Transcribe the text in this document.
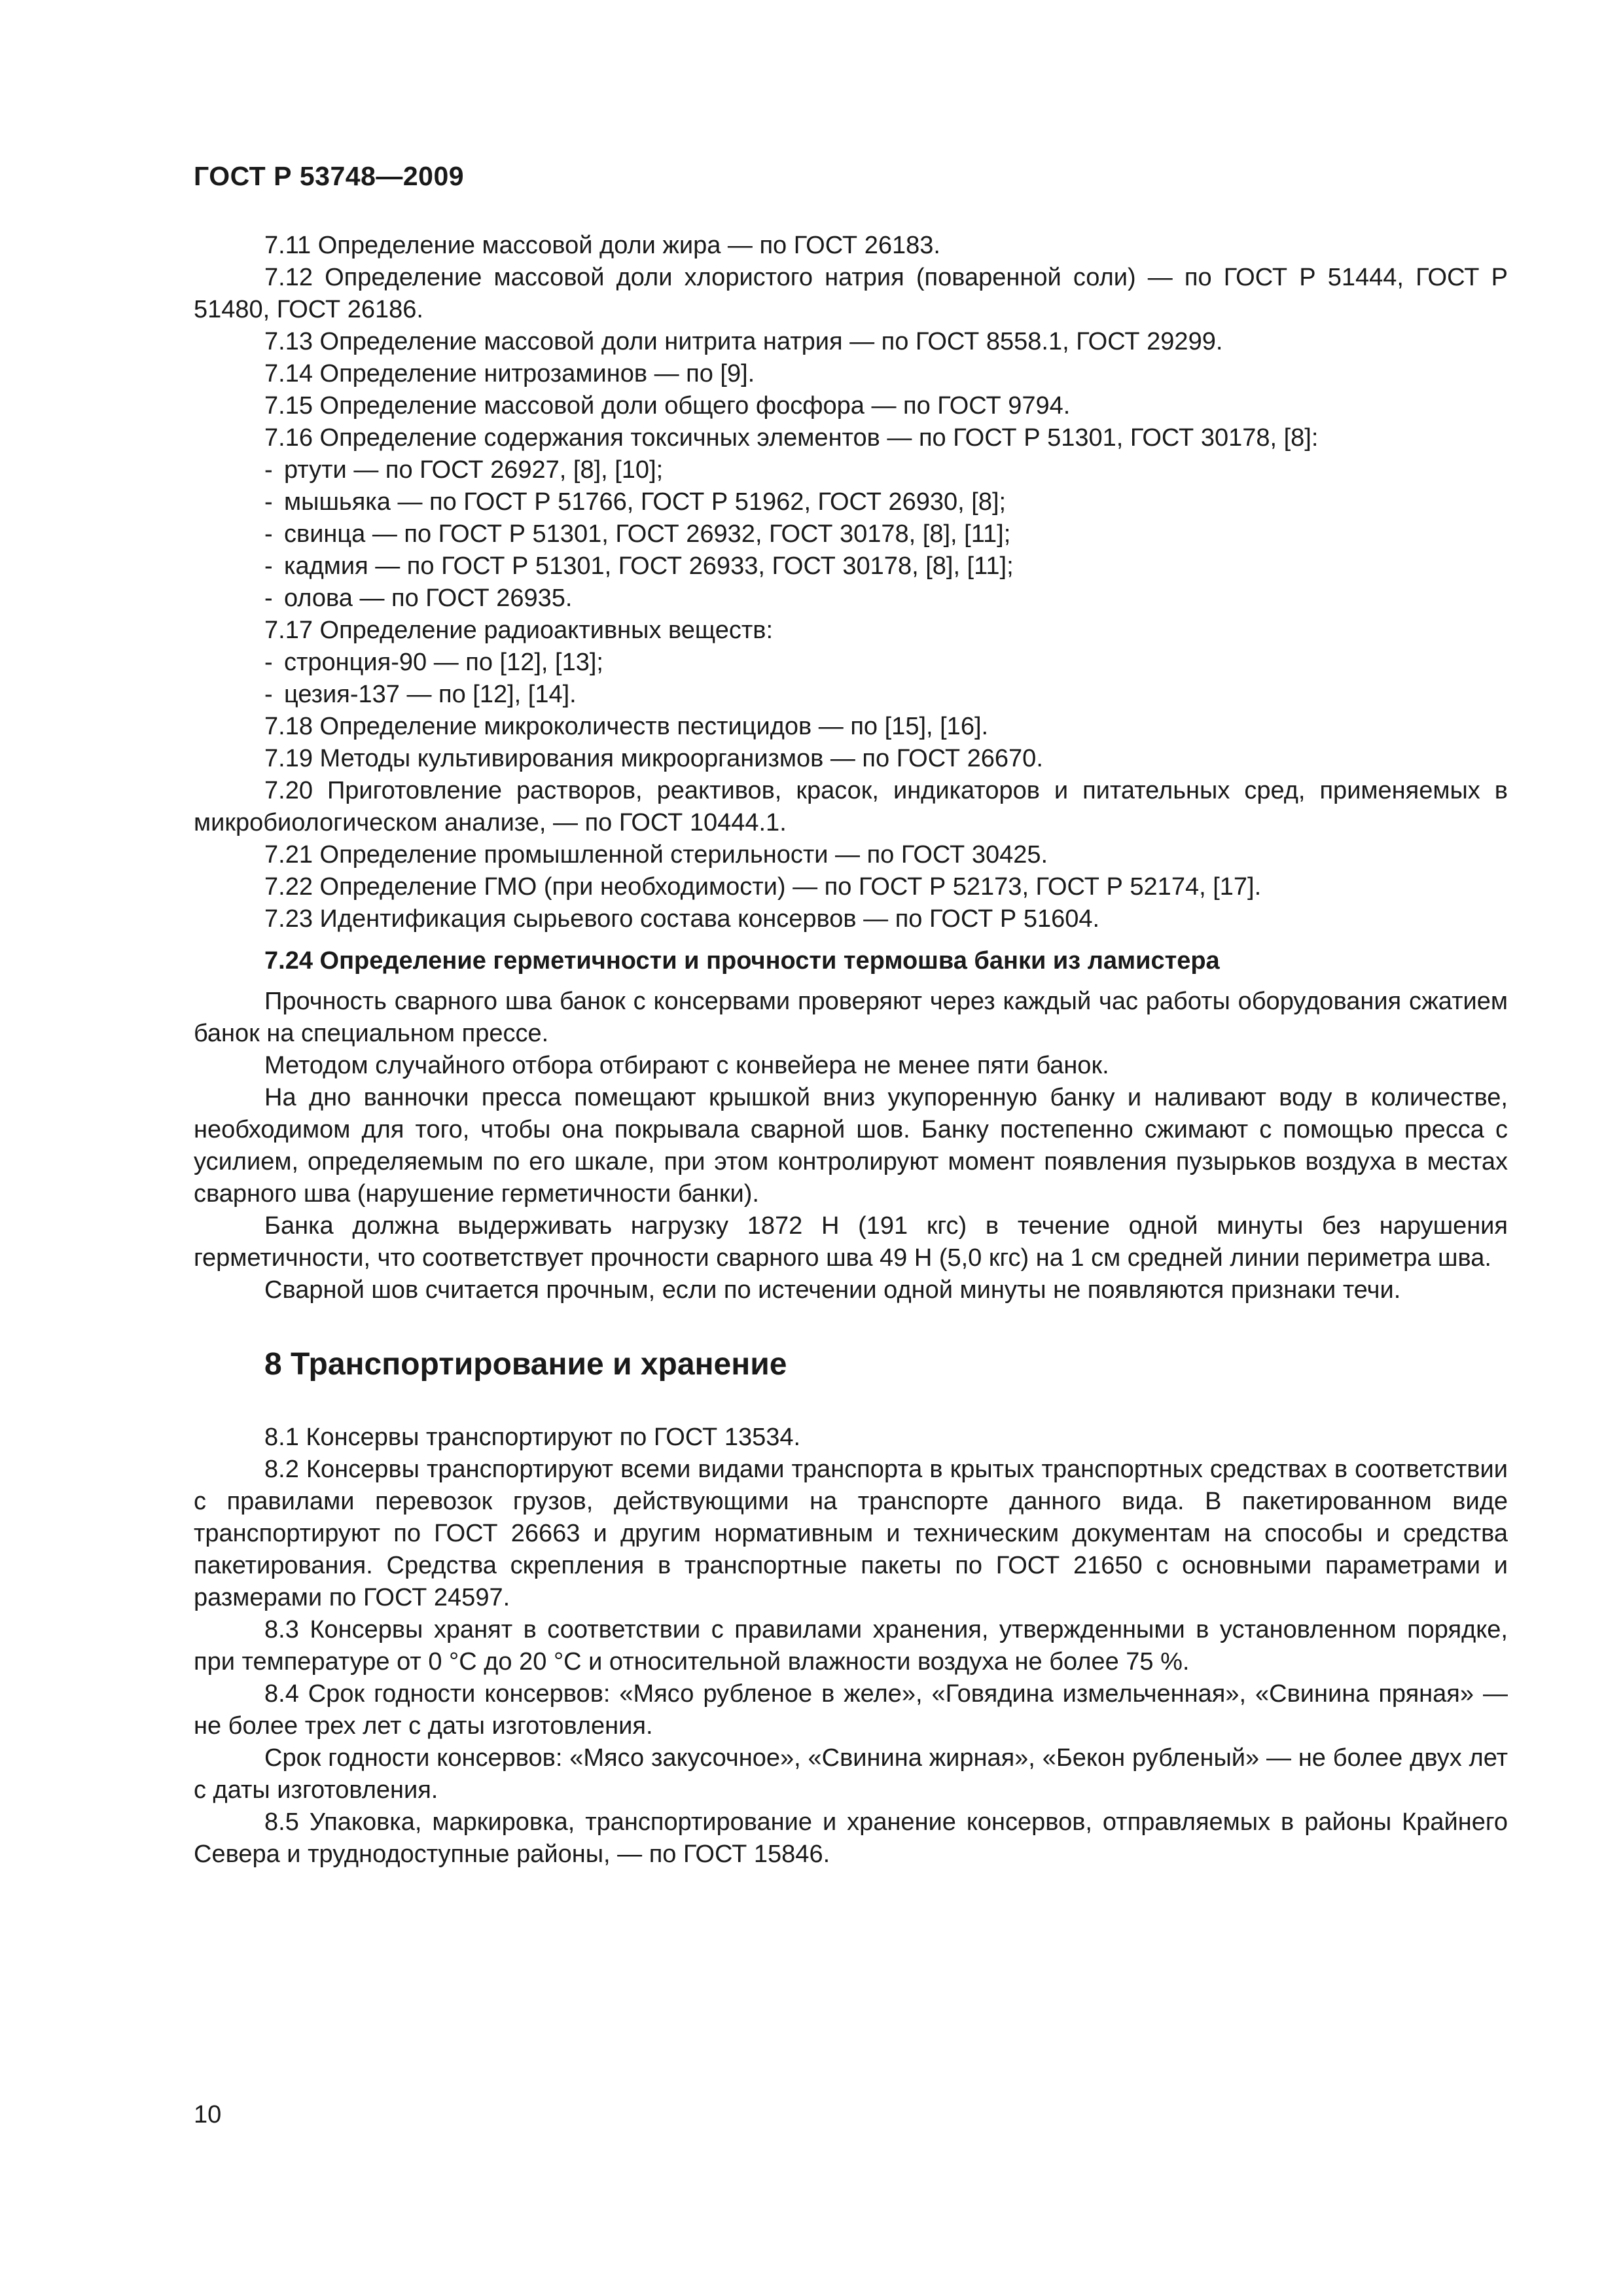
ГОСТ Р 53748—2009

7.11 Определение массовой доли жира — по ГОСТ 26183.

7.12 Определение массовой доли хлористого натрия (поваренной соли) — по ГОСТ Р 51444, ГОСТ Р 51480, ГОСТ 26186.

7.13 Определение массовой доли нитрита натрия — по ГОСТ 8558.1, ГОСТ 29299.

7.14 Определение нитрозаминов — по [9].

7.15 Определение массовой доли общего фосфора — по ГОСТ 9794.

7.16 Определение содержания токсичных элементов — по ГОСТ Р 51301, ГОСТ 30178, [8]:

- ртути — по ГОСТ 26927, [8], [10];
- мышьяка — по ГОСТ Р 51766, ГОСТ Р 51962, ГОСТ 26930, [8];
- свинца — по ГОСТ Р 51301, ГОСТ 26932, ГОСТ 30178, [8], [11];
- кадмия — по ГОСТ Р 51301, ГОСТ 26933, ГОСТ 30178, [8], [11];
- олова — по ГОСТ 26935.

7.17 Определение радиоактивных веществ:

- стронция-90 — по [12], [13];
- цезия-137 — по [12], [14].

7.18 Определение микроколичеств пестицидов — по [15], [16].

7.19 Методы культивирования микроорганизмов — по ГОСТ 26670.

7.20 Приготовление растворов, реактивов, красок, индикаторов и питательных сред, применяемых в микробиологическом анализе, — по ГОСТ 10444.1.

7.21 Определение промышленной стерильности — по ГОСТ 30425.

7.22 Определение ГМО (при необходимости) — по ГОСТ Р 52173, ГОСТ Р 52174, [17].

7.23 Идентификация сырьевого состава консервов — по ГОСТ Р 51604.

7.24 Определение герметичности и прочности термошва банки из ламистера

Прочность сварного шва банок с консервами проверяют через каждый час работы оборудования сжатием банок на специальном прессе.

Методом случайного отбора отбирают с конвейера не менее пяти банок.

На дно ванночки пресса помещают крышкой вниз укупоренную банку и наливают воду в количестве, необходимом для того, чтобы она покрывала сварной шов. Банку постепенно сжимают с помощью пресса с усилием, определяемым по его шкале, при этом контролируют момент появления пузырьков воздуха в местах сварного шва (нарушение герметичности банки).

Банка должна выдерживать нагрузку 1872 Н (191 кгс) в течение одной минуты без нарушения герметичности, что соответствует прочности сварного шва 49 Н (5,0 кгс) на 1 см средней линии периметра шва.

Сварной шов считается прочным, если по истечении одной минуты не появляются признаки течи.

8 Транспортирование и хранение

8.1 Консервы транспортируют по ГОСТ 13534.

8.2 Консервы транспортируют всеми видами транспорта в крытых транспортных средствах в соответствии с правилами перевозок грузов, действующими на транспорте данного вида. В пакетированном виде транспортируют по ГОСТ 26663 и другим нормативным и техническим документам на способы и средства пакетирования. Средства скрепления в транспортные пакеты по ГОСТ 21650 с основными параметрами и размерами по ГОСТ 24597.

8.3 Консервы хранят в соответствии с правилами хранения, утвержденными в установленном порядке, при температуре от 0 °С до 20 °С и относительной влажности воздуха не более 75 %.

8.4 Срок годности консервов: «Мясо рубленое в желе», «Говядина измельченная», «Свинина пряная» — не более трех лет с даты изготовления.

Срок годности консервов: «Мясо закусочное», «Свинина жирная», «Бекон рубленый» — не более двух лет с даты изготовления.

8.5 Упаковка, маркировка, транспортирование и хранение консервов, отправляемых в районы Крайнего Севера и труднодоступные районы, — по ГОСТ 15846.

10
